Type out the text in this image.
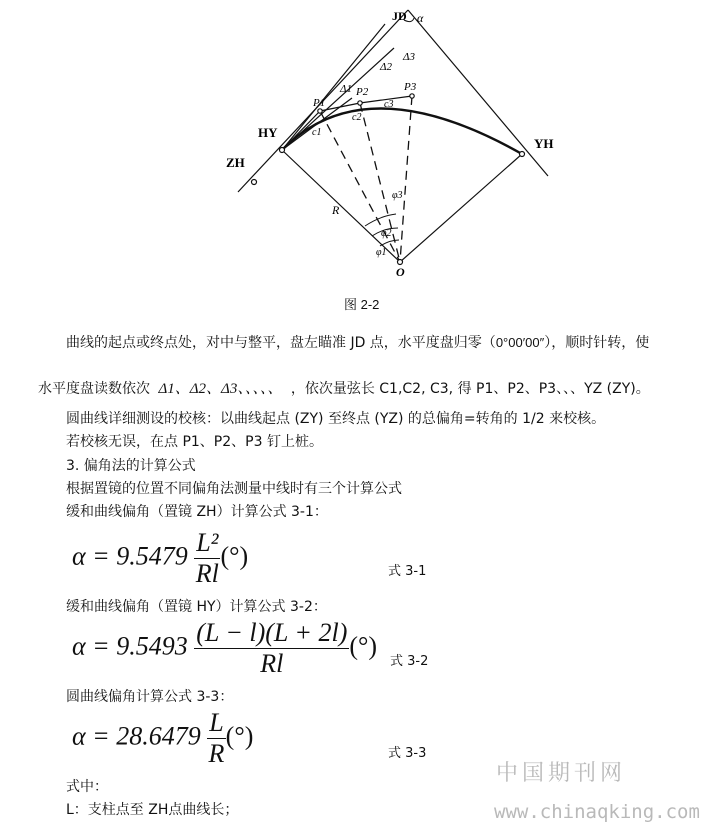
JD α
HY
ZH
YH
O
R
Δ1
Δ2
Δ3
P1
P2	P3
c1
c2
c3
φ3
φ2
φ1
图 2-2
曲线的起点或终点处，对中与整平，盘左瞄准 JD 点，水平度盘归零（0°00′00″），顺时针转，使
水平度盘读数依次 Δ1、Δ2、Δ3、、、、、 ，依次量弦长 C1,C2, C3, 得 P1、P2、P3、、、YZ (ZY)。
圆曲线详细测设的校核：以曲线起点 (ZY) 至终点 (YZ) 的总偏角=转角的 1/2 来校核。
若校核无误，在点 P1、P2、P3 钉上桩。
3. 偏角法的计算公式
根据置镜的位置不同偏角法测量中线时有三个计算公式
缓和曲线偏角（置镜 ZH）计算公式 3-1：
$\alpha = 9.5479 \frac{\text{L²}}{Rl}$ (°)
式 3-1
缓和曲线偏角（置镜 HY）计算公式 3-2：
$\alpha = 9.5493 \frac{(L - l)(L + 2l)}{Rl}$ (°)
式 3-2
圆曲线偏角计算公式 3-3：
$\alpha = 28.6479 \frac{L}{R}$ (°)
式 3-3
式中：
L：支柱点至 ZH点曲线长；
中国期刊网
www.chinaqking.com
